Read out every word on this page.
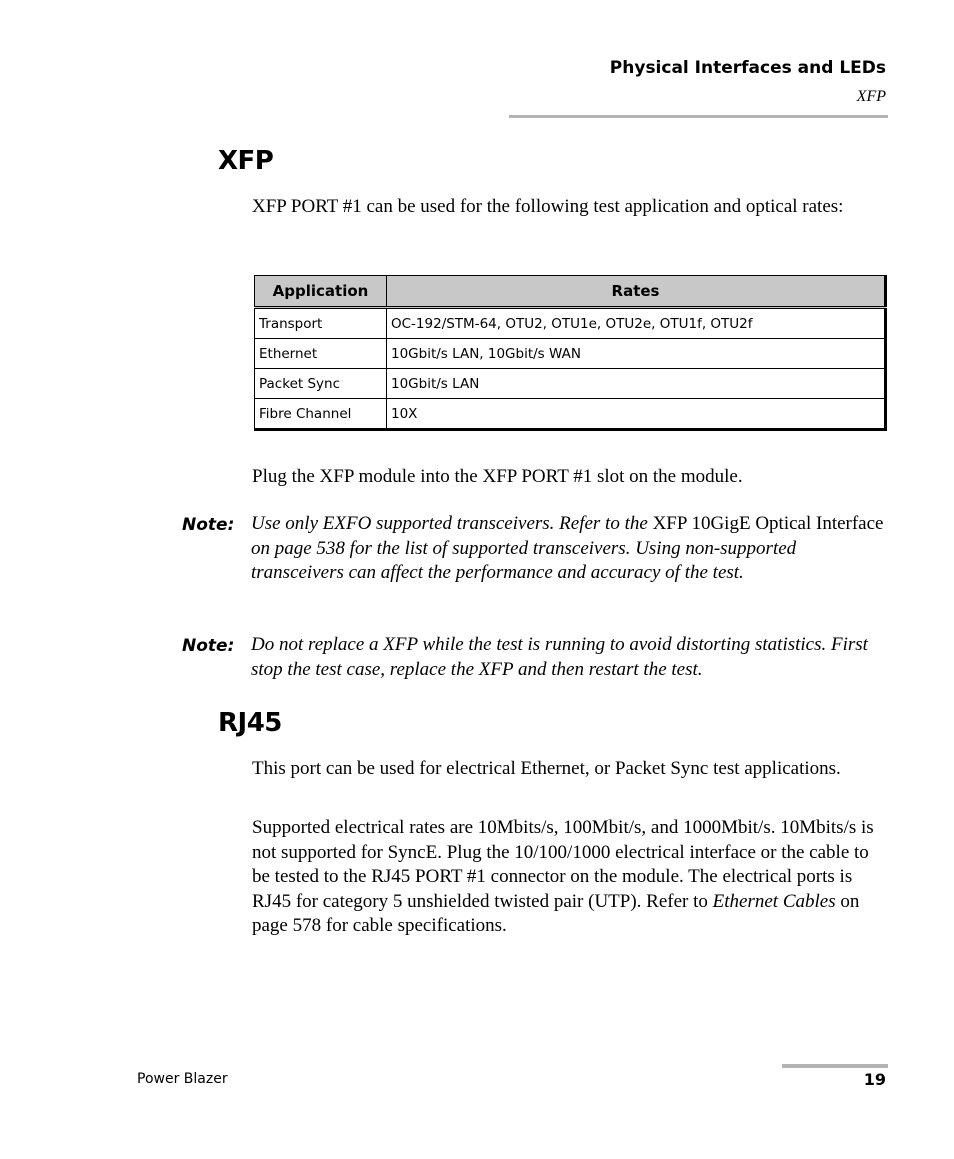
Physical Interfaces and LEDs
XFP
XFP
XFP PORT #1 can be used for the following test application and optical rates:
Application	Rates
Transport	OC-192/STM-64, OTU2, OTU1e, OTU2e, OTU1f, OTU2f
Ethernet	10Gbit/s LAN, 10Gbit/s WAN
Packet Sync	10Gbit/s LAN
Fibre Channel	10X
Plug the XFP module into the XFP PORT #1 slot on the module.
Note: Use only EXFO supported transceivers. Refer to the XFP 10GigE Optical Interface on page 538 for the list of supported transceivers. Using non-supported transceivers can affect the performance and accuracy of the test.
Note: Do not replace a XFP while the test is running to avoid distorting statistics. First stop the test case, replace the XFP and then restart the test.
RJ45
This port can be used for electrical Ethernet, or Packet Sync test applications.
Supported electrical rates are 10Mbits/s, 100Mbit/s, and 1000Mbit/s. 10Mbits/s is not supported for SyncE. Plug the 10/100/1000 electrical interface or the cable to be tested to the RJ45 PORT #1 connector on the module. The electrical ports is RJ45 for category 5 unshielded twisted pair (UTP). Refer to Ethernet Cables on page 578 for cable specifications.
Power Blazer	19
